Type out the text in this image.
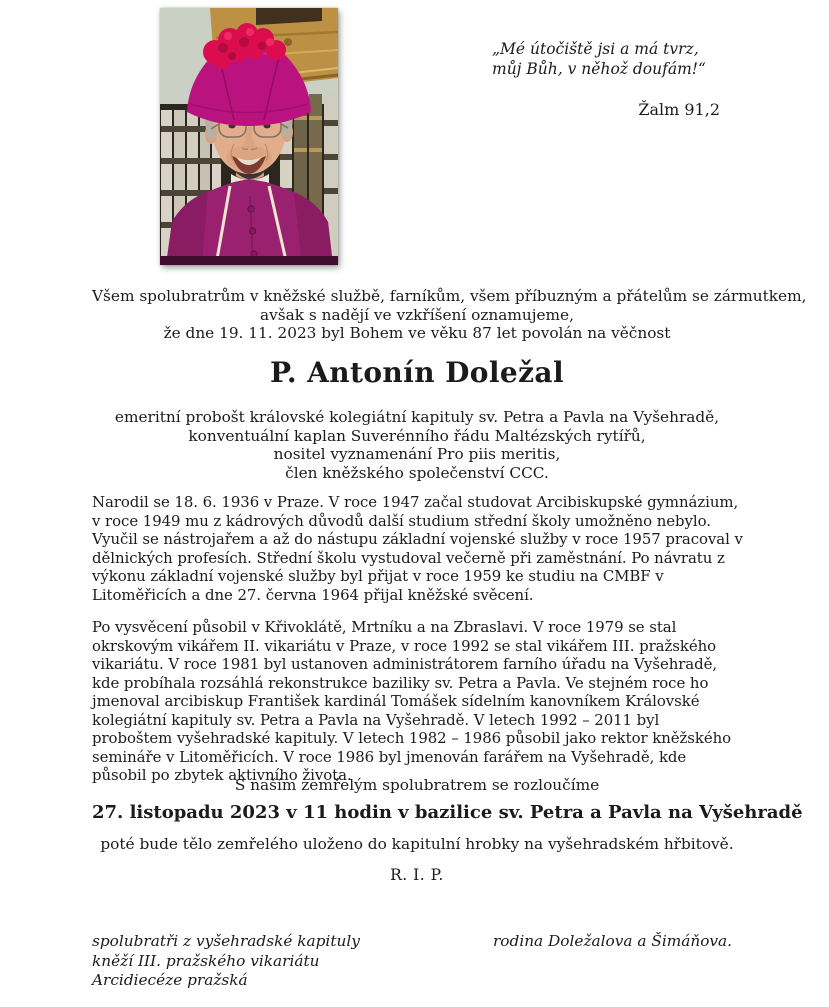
„Mé útočiště jsi a má tvrz,
můj Bůh, v něhož doufám!“
Žalm 91,2
Všem spolubratrům v kněžské službě, farníkům, všem příbuzným a přátelům se zármutkem,
avšak s nadějí ve vzkříšení oznamujeme,
že dne 19. 11. 2023 byl Bohem ve věku 87 let povolán na věčnost
P. Antonín Doležal
emeritní probošt královské kolegiátní kapituly sv. Petra a Pavla na Vyšehradě,
konventuální kaplan Suverénního řádu Maltézských rytířů,
nositel vyznamenání Pro piis meritis,
člen kněžského společenství CCC.

Narodil se 18. 6. 1936 v Praze. V roce 1947 začal studovat Arcibiskupské gymnázium, v roce 1949 mu z kádrových důvodů další studium střední školy umožněno nebylo. Vyučil se nástrojařem a až do nástupu základní vojenské služby v roce 1957 pracoval v dělnických profesích. Střední školu vystudoval večerně při zaměstnání. Po návratu z výkonu základní vojenské služby byl přijat v roce 1959 ke studiu na CMBF v Litoměřicích a dne 27. června 1964 přijal kněžské svěcení.

Po vysvěcení působil v Křivoklátě, Mrtníku a na Zbraslavi. V roce 1979 se stal okrskovým vikářem II. vikariátu v Praze, v roce 1992 se stal vikářem III. pražského vikariátu. V roce 1981 byl ustanoven administrátorem farního úřadu na Vyšehradě, kde probíhala rozsáhlá rekonstrukce baziliky sv. Petra a Pavla. Ve stejném roce ho jmenoval arcibiskup František kardinál Tomášek sídelním kanovníkem Královské kolegiátní kapituly sv. Petra a Pavla na Vyšehradě. V letech 1992 – 2011 byl proboštem vyšehradské kapituly. V letech 1982 – 1986 působil jako rektor kněžského semináře v Litoměřicích. V roce 1986 byl jmenován farářem na Vyšehradě, kde působil po zbytek aktivního života.

S naším zemřelým spolubratrem se rozloučíme
27. listopadu 2023 v 11 hodin v bazilice sv. Petra a Pavla na Vyšehradě
poté bude tělo zemřelého uloženo do kapitulní hrobky na vyšehradském hřbitově.
R. I. P.
spolubratři z vyšehradské kapituly
kněží III. pražského vikariátu
Arcidiecéze pražská
rodina Doležalova a Šimáňova.
